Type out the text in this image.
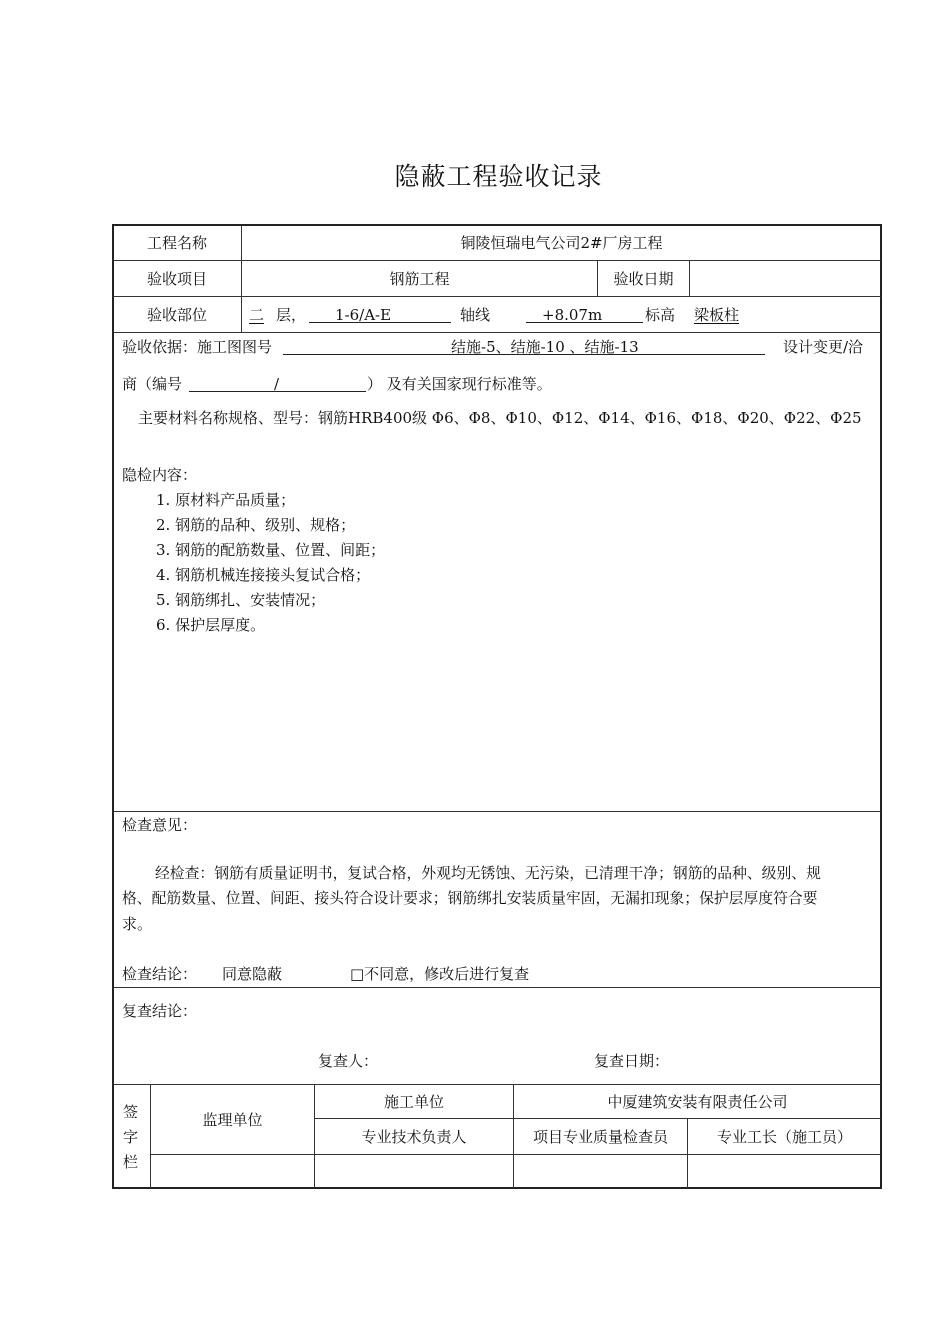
隐蔽工程验收记录
工程名称	铜陵恒瑞电气公司2#厂房工程
验收项目	钢筋工程	验收日期
验收部位	二 层， 1-6/A-E	轴线	+8.07m	标高 梁板柱
验收依据：施工图图号	结施-5、结施-10 、结施-13	设计变更/洽
商（编号	/	） 及有关国家现行标准等。
主要材料名称规格、型号：钢筋HRB400级 Φ6、Φ8、Φ10、Φ12、Φ14、Φ16、Φ18、Φ20、Φ22、Φ25
隐检内容：
1. 原材料产品质量；
2. 钢筋的品种、级别、规格；
3. 钢筋的配筋数量、位置、间距；
4. 钢筋机械连接接头复试合格；
5. 钢筋绑扎、安装情况；
6. 保护层厚度。
检查意见：
经检查：钢筋有质量证明书，复试合格，外观均无锈蚀、无污染，已清理干净；钢筋的品种、级别、规
格、配筋数量、位置、间距、接头符合设计要求；钢筋绑扎安装质量牢固，无漏扣现象；保护层厚度符合要
求。
检查结论： 同意隐蔽	□不同意，修改后进行复查
复查结论：
复查人：	复查日期：
签
字
栏
监理单位
施工单位	中厦建筑安装有限责任公司
专业技术负责人	项目专业质量检查员	专业工长（施工员）
